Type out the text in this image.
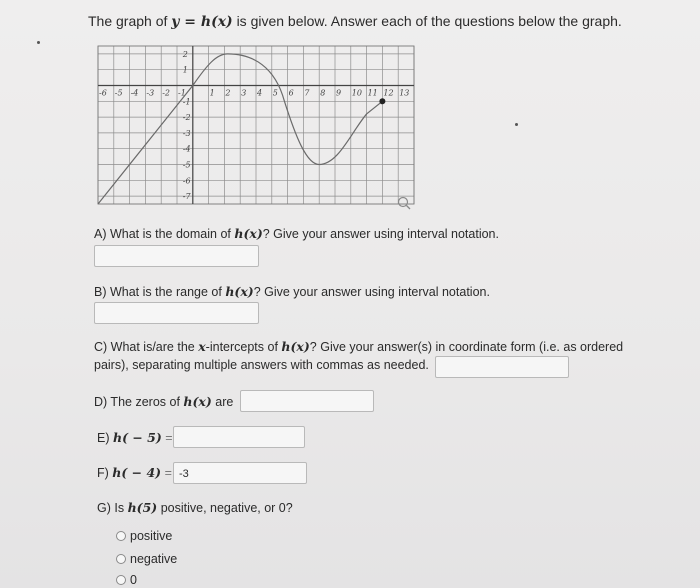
The graph of y = h(x) is given below. Answer each of the questions below the graph.
-6 -5 -4 -3 -2 -1	1 2 3 4 5 6 7 8 9 10 11 12 13
2
1
-1
-2
-3
-4
-5
-6
-7
A) What is the domain of h(x)? Give your answer using interval notation.
B) What is the range of h(x)? Give your answer using interval notation.
C) What is/are the x-intercepts of h(x)? Give your answer(s) in coordinate form (i.e. as ordered
pairs), separating multiple answers with commas as needed.
D) The zeros of h(x) are
E) h( − 5) =
F) h( − 4) = -3
G) Is h(5) positive, negative, or 0?
positive
negative
0
